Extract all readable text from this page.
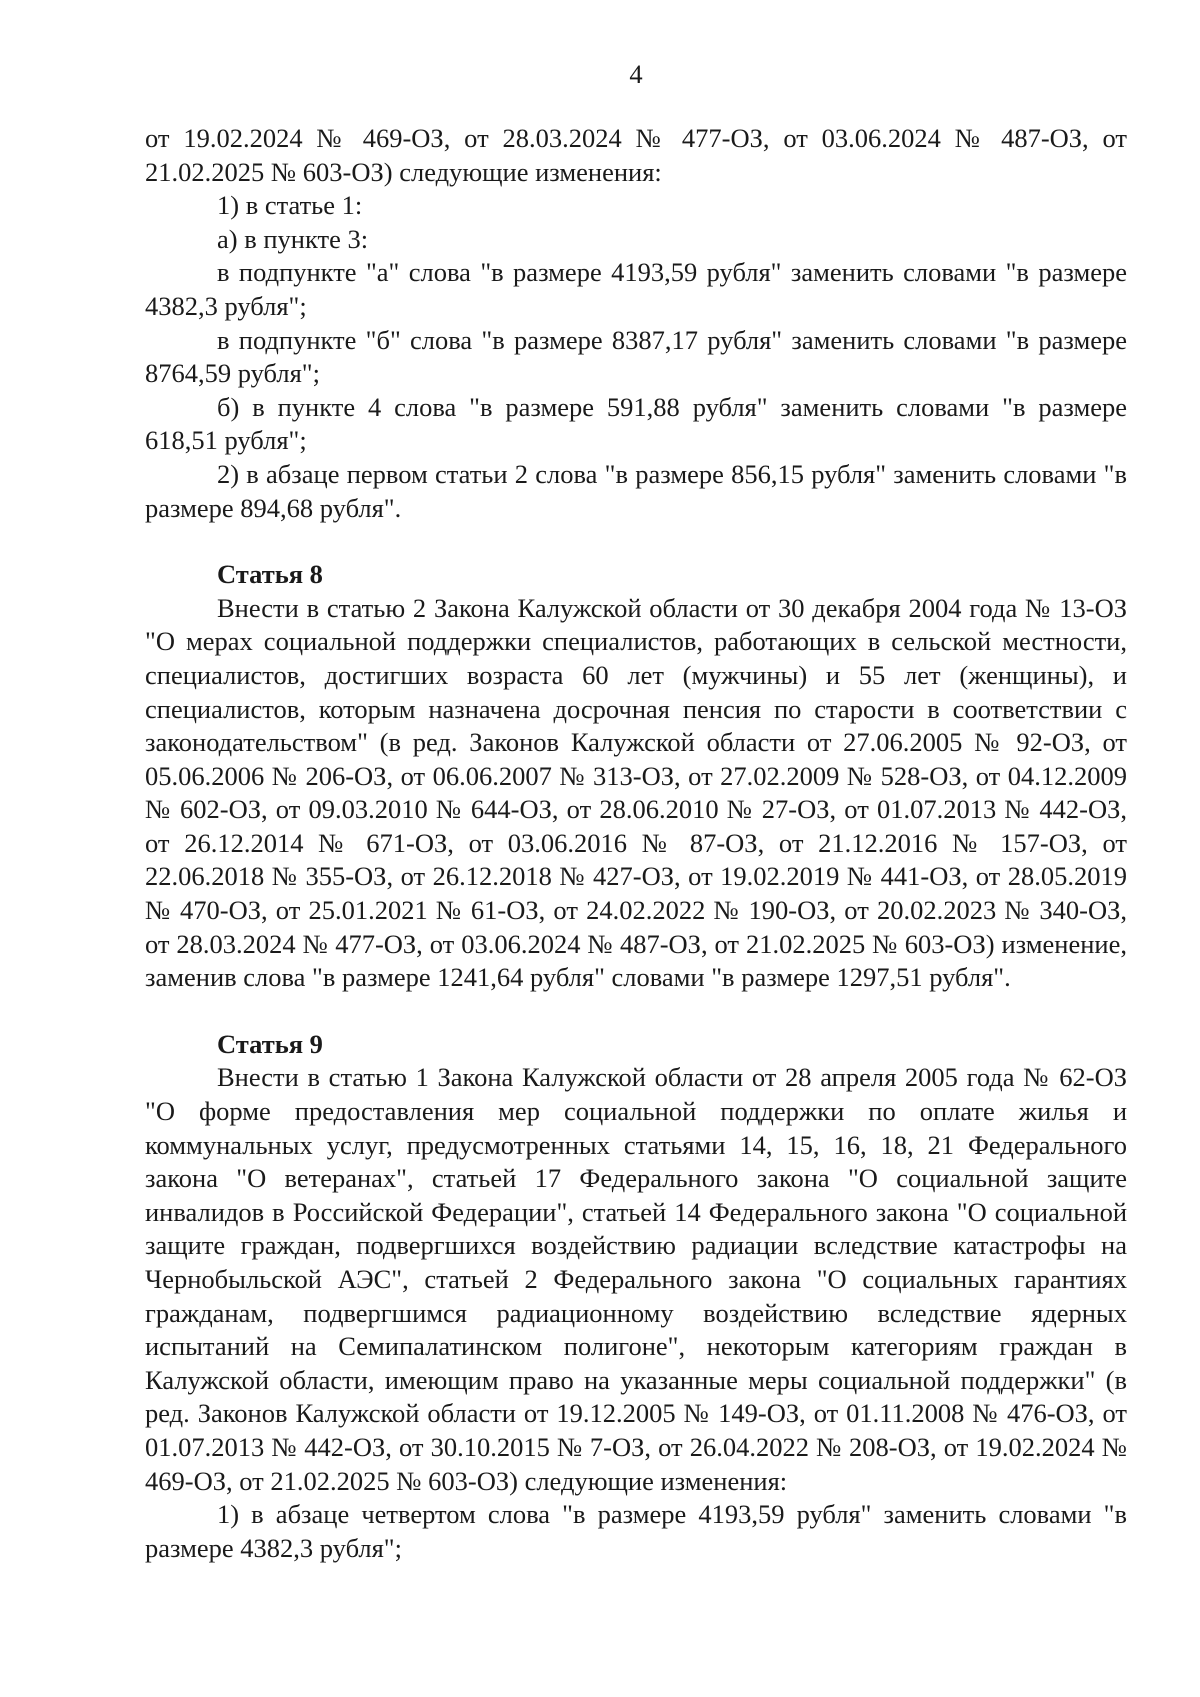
4

от 19.02.2024 № 469-ОЗ, от 28.03.2024 № 477-ОЗ, от 03.06.2024 № 487-ОЗ, от 21.02.2025 № 603-ОЗ) следующие изменения:

1) в статье 1:

а) в пункте 3:

в подпункте "а" слова "в размере 4193,59 рубля" заменить словами "в размере 4382,3 рубля";

в подпункте "б" слова "в размере 8387,17 рубля" заменить словами "в размере 8764,59 рубля";

б) в пункте 4 слова "в размере 591,88 рубля" заменить словами "в размере 618,51 рубля";

2) в абзаце первом статьи 2 слова "в размере 856,15 рубля" заменить словами "в размере 894,68 рубля".

Статья 8

Внести в статью 2 Закона Калужской области от 30 декабря 2004 года № 13-ОЗ "О мерах социальной поддержки специалистов, работающих в сельской местности, специалистов, достигших возраста 60 лет (мужчины) и 55 лет (женщины), и специалистов, которым назначена досрочная пенсия по старости в соответствии с законодательством" (в ред. Законов Калужской области от 27.06.2005 № 92-ОЗ, от 05.06.2006 № 206-ОЗ, от 06.06.2007 № 313-ОЗ, от 27.02.2009 № 528-ОЗ, от 04.12.2009 № 602-ОЗ, от 09.03.2010 № 644-ОЗ, от 28.06.2010 № 27-ОЗ, от 01.07.2013 № 442-ОЗ, от 26.12.2014 № 671-ОЗ, от 03.06.2016 № 87-ОЗ, от 21.12.2016 № 157-ОЗ, от 22.06.2018 № 355-ОЗ, от 26.12.2018 № 427-ОЗ, от 19.02.2019 № 441-ОЗ, от 28.05.2019 № 470-ОЗ, от 25.01.2021 № 61-ОЗ, от 24.02.2022 № 190-ОЗ, от 20.02.2023 № 340-ОЗ, от 28.03.2024 № 477-ОЗ, от 03.06.2024 № 487-ОЗ, от 21.02.2025 № 603-ОЗ) изменение, заменив слова "в размере 1241,64 рубля" словами "в размере 1297,51 рубля".

Статья 9

Внести в статью 1 Закона Калужской области от 28 апреля 2005 года № 62-ОЗ "О форме предоставления мер социальной поддержки по оплате жилья и коммунальных услуг, предусмотренных статьями 14, 15, 16, 18, 21 Федерального закона "О ветеранах", статьей 17 Федерального закона "О социальной защите инвалидов в Российской Федерации", статьей 14 Федерального закона "О социальной защите граждан, подвергшихся воздействию радиации вследствие катастрофы на Чернобыльской АЭС", статьей 2 Федерального закона "О социальных гарантиях гражданам, подвергшимся радиационному воздействию вследствие ядерных испытаний на Семипалатинском полигоне", некоторым категориям граждан в Калужской области, имеющим право на указанные меры социальной поддержки" (в ред. Законов Калужской области от 19.12.2005 № 149-ОЗ, от 01.11.2008 № 476-ОЗ, от 01.07.2013 № 442-ОЗ, от 30.10.2015 № 7-ОЗ, от 26.04.2022 № 208-ОЗ, от 19.02.2024 № 469-ОЗ, от 21.02.2025 № 603-ОЗ) следующие изменения:

1) в абзаце четвертом слова "в размере 4193,59 рубля" заменить словами "в размере 4382,3 рубля";
